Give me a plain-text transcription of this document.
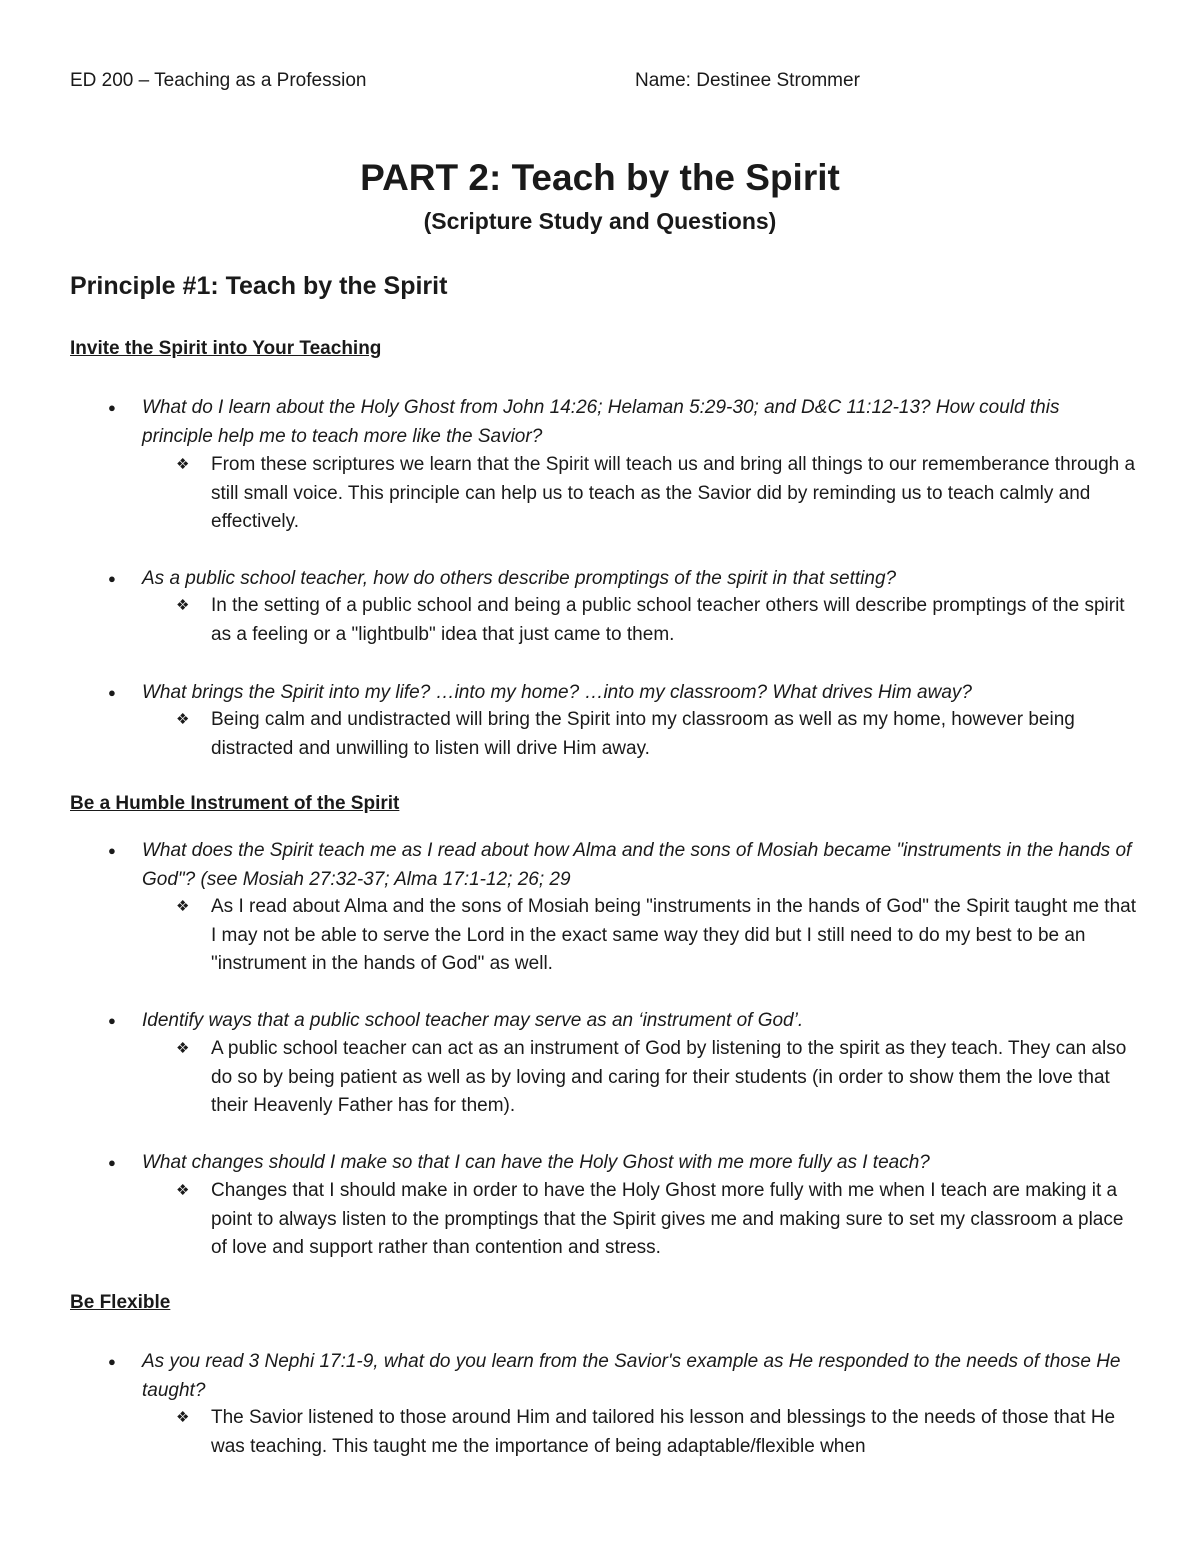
ED 200 – Teaching as a Profession	Name: Destinee Strommer
PART 2: Teach by the Spirit
(Scripture Study and Questions)
Principle #1: Teach by the Spirit
Invite the Spirit into Your Teaching
● What do I learn about the Holy Ghost from John 14:26; Helaman 5:29-30; and D&C 11:12-13? How could this principle help me to teach more like the Savior?
❖ From these scriptures we learn that the Spirit will teach us and bring all things to our rememberance through a still small voice. This principle can help us to teach as the Savior did by reminding us to teach calmly and effectively.
● As a public school teacher, how do others describe promptings of the spirit in that setting?
❖ In the setting of a public school and being a public school teacher others will describe promptings of the spirit as a feeling or a "lightbulb" idea that just came to them.
● What brings the Spirit into my life? …into my home? …into my classroom? What drives Him away?
❖ Being calm and undistracted will bring the Spirit into my classroom as well as my home, however being distracted and unwilling to listen will drive Him away.
Be a Humble Instrument of the Spirit
● What does the Spirit teach me as I read about how Alma and the sons of Mosiah became "instruments in the hands of God"? (see Mosiah 27:32-37; Alma 17:1-12; 26; 29
❖ As I read about Alma and the sons of Mosiah being "instruments in the hands of God" the Spirit taught me that I may not be able to serve the Lord in the exact same way they did but I still need to do my best to be an "instrument in the hands of God" as well.
● Identify ways that a public school teacher may serve as an ‘instrument of God’.
❖ A public school teacher can act as an instrument of God by listening to the spirit as they teach. They can also do so by being patient as well as by loving and caring for their students (in order to show them the love that their Heavenly Father has for them).
● What changes should I make so that I can have the Holy Ghost with me more fully as I teach?
❖ Changes that I should make in order to have the Holy Ghost more fully with me when I teach are making it a point to always listen to the promptings that the Spirit gives me and making sure to set my classroom a place of love and support rather than contention and stress.
Be Flexible
● As you read 3 Nephi 17:1-9, what do you learn from the Savior's example as He responded to the needs of those He taught?
❖ The Savior listened to those around Him and tailored his lesson and blessings to the needs of those that He was teaching. This taught me the importance of being adaptable/flexible when
